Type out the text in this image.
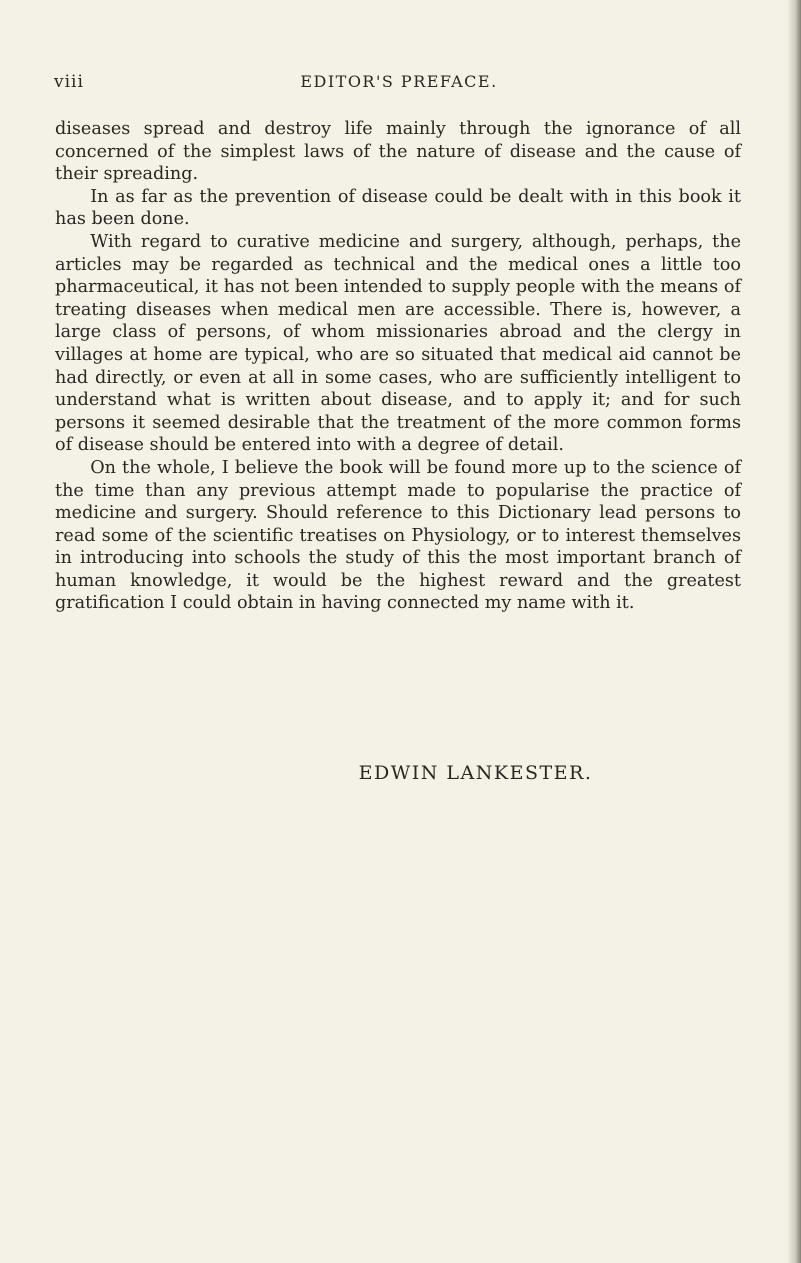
viii	EDITOR'S PREFACE.

diseases spread and destroy life mainly through the ignorance of all concerned of the simplest laws of the nature of disease and the cause of their spreading.

In as far as the prevention of disease could be dealt with in this book it has been done.

With regard to curative medicine and surgery, although, perhaps, the articles may be regarded as technical and the medical ones a little too pharmaceutical, it has not been intended to supply people with the means of treating diseases when medical men are accessible. There is, however, a large class of persons, of whom missionaries abroad and the clergy in villages at home are typical, who are so situated that medical aid cannot be had directly, or even at all in some cases, who are sufficiently intelligent to understand what is written about disease, and to apply it; and for such persons it seemed desirable that the treatment of the more common forms of disease should be entered into with a degree of detail.

On the whole, I believe the book will be found more up to the science of the time than any previous attempt made to popularise the practice of medicine and surgery. Should reference to this Dictionary lead persons to read some of the scientific treatises on Physiology, or to interest themselves in introducing into schools the study of this the most important branch of human knowledge, it would be the highest reward and the greatest gratification I could obtain in having connected my name with it.

EDWIN LANKESTER.
